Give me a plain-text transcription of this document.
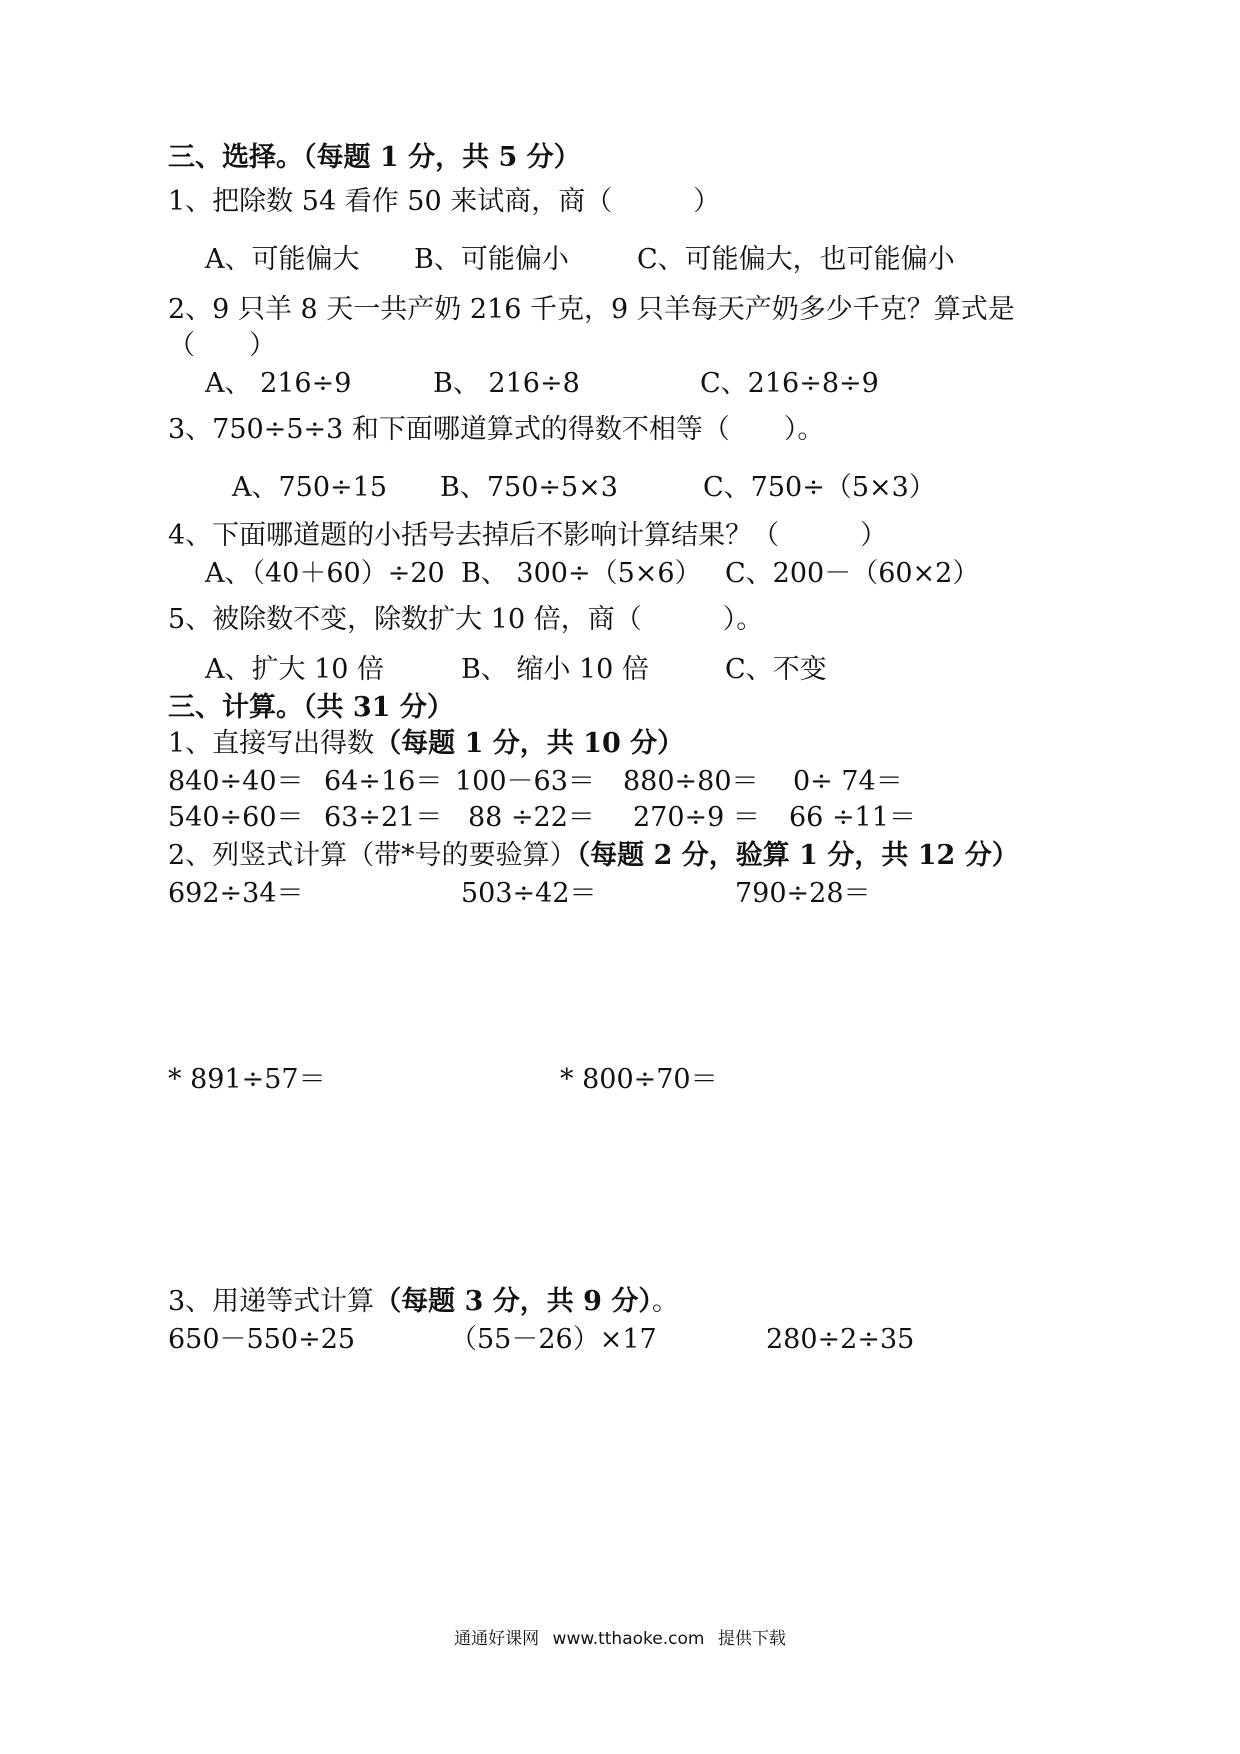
三、选择。（每题 1 分，共 5 分）
1、把除数 54 看作 50 来试商，商（　　　）
A、可能偏大 B、可能偏小	C、可能偏大，也可能偏小
2、9 只羊 8 天一共产奶 216 千克，9 只羊每天产奶多少千克？算式是
（　　）
A、 216÷9	B、 216÷8	C、216÷8÷9
3、750÷5÷3 和下面哪道算式的得数不相等（　　）。
A、750÷15 B、750÷5×3	C、750÷（5×3）
4、下面哪道题的小括号去掉后不影响计算结果？（　　　）
A、（40＋60）÷20 B、 300÷（5×6） C、200－（60×2）
5、被除数不变，除数扩大 10 倍，商（　　　）。
A、扩大 10 倍	B、 缩小 10 倍	C、不变
三、计算。（共 31 分）
1、直接写出得数（每题 1 分，共 10 分）
840÷40＝ 64÷16＝ 100－63＝ 880÷80＝ 0÷ 74＝
540÷60＝ 63÷21＝ 88 ÷22＝ 270÷9 ＝ 66 ÷11＝
2、列竖式计算（带*号的要验算）（每题 2 分，验算 1 分，共 12 分）
692÷34＝	503÷42＝	790÷28＝
* 891÷57＝	* 800÷70＝
3、用递等式计算（每题 3 分，共 9 分）。
650－550÷25	（55－26）×17	280÷2÷35
通通好课网 www.tthaoke.com 提供下载
